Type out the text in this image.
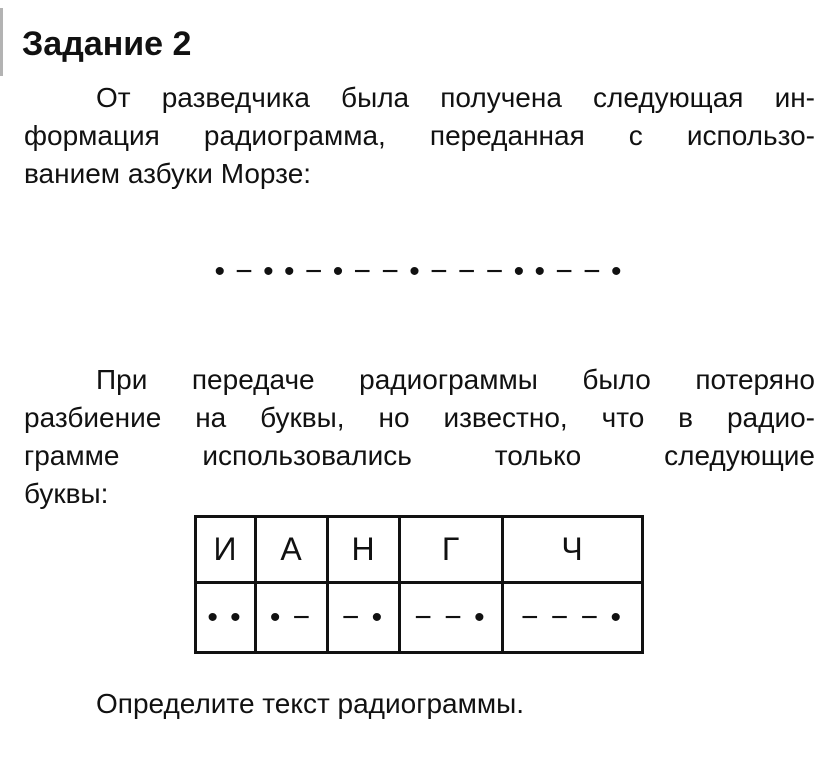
Задание 2
От разведчика была получена следующая ин-
формация радиограмма, переданная с использо-
ванием азбуки Морзе:
• − • • − • − − • − − − • • − − •
При передаче радиограммы было потеряно
разбиение на буквы, но известно, что в радио-
грамме использовались только следующие
буквы:
И	А	Н	Г	Ч
• •	• −	− •	− − •	− − − •
Определите текст радиограммы.
